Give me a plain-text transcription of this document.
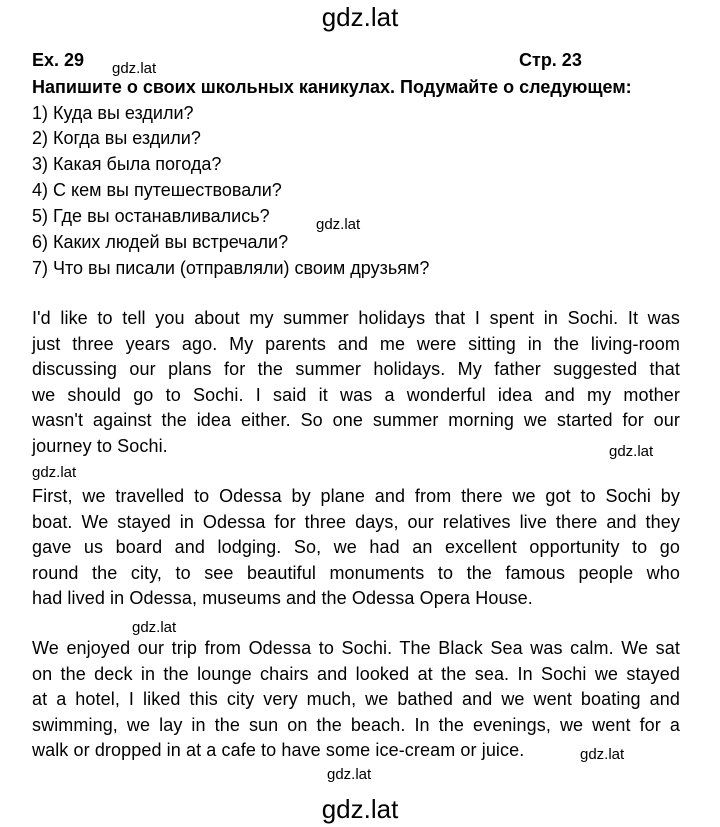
gdz.lat
Ex. 29 gdz.lat	Стр. 23
Напишите о своих школьных каникулах. Подумайте о следующем:
1) Куда вы ездили?
2) Когда вы ездили?
3) Какая была погода?
4) С кем вы путешествовали?
5) Где вы останавливались?	gdz.lat
6) Каких людей вы встречали?
7) Что вы писали (отправляли) своим друзьям?
I'd like to tell you about my summer holidays that I spent in Sochi. It was
just three years ago. My parents and me were sitting in the living-room
discussing our plans for the summer holidays. My father suggested that
we should go to Sochi. I said it was a wonderful idea and my mother
wasn't against the idea either. So one summer morning we started for our
journey to Sochi.	gdz.lat
gdz.lat
First, we travelled to Odessa by plane and from there we got to Sochi by
boat. We stayed in Odessa for three days, our relatives live there and they
gave us board and lodging. So, we had an excellent opportunity to go
round the city, to see beautiful monuments to the famous people who
had lived in Odessa, museums and the Odessa Opera House.
gdz.lat
We enjoyed our trip from Odessa to Sochi. The Black Sea was calm. We sat
on the deck in the lounge chairs and looked at the sea. In Sochi we stayed
at a hotel, I liked this city very much, we bathed and we went boating and
swimming, we lay in the sun on the beach. In the evenings, we went for a
walk or dropped in at a cafe to have some ice-cream or juice.	gdz.lat
gdz.lat
gdz.lat
